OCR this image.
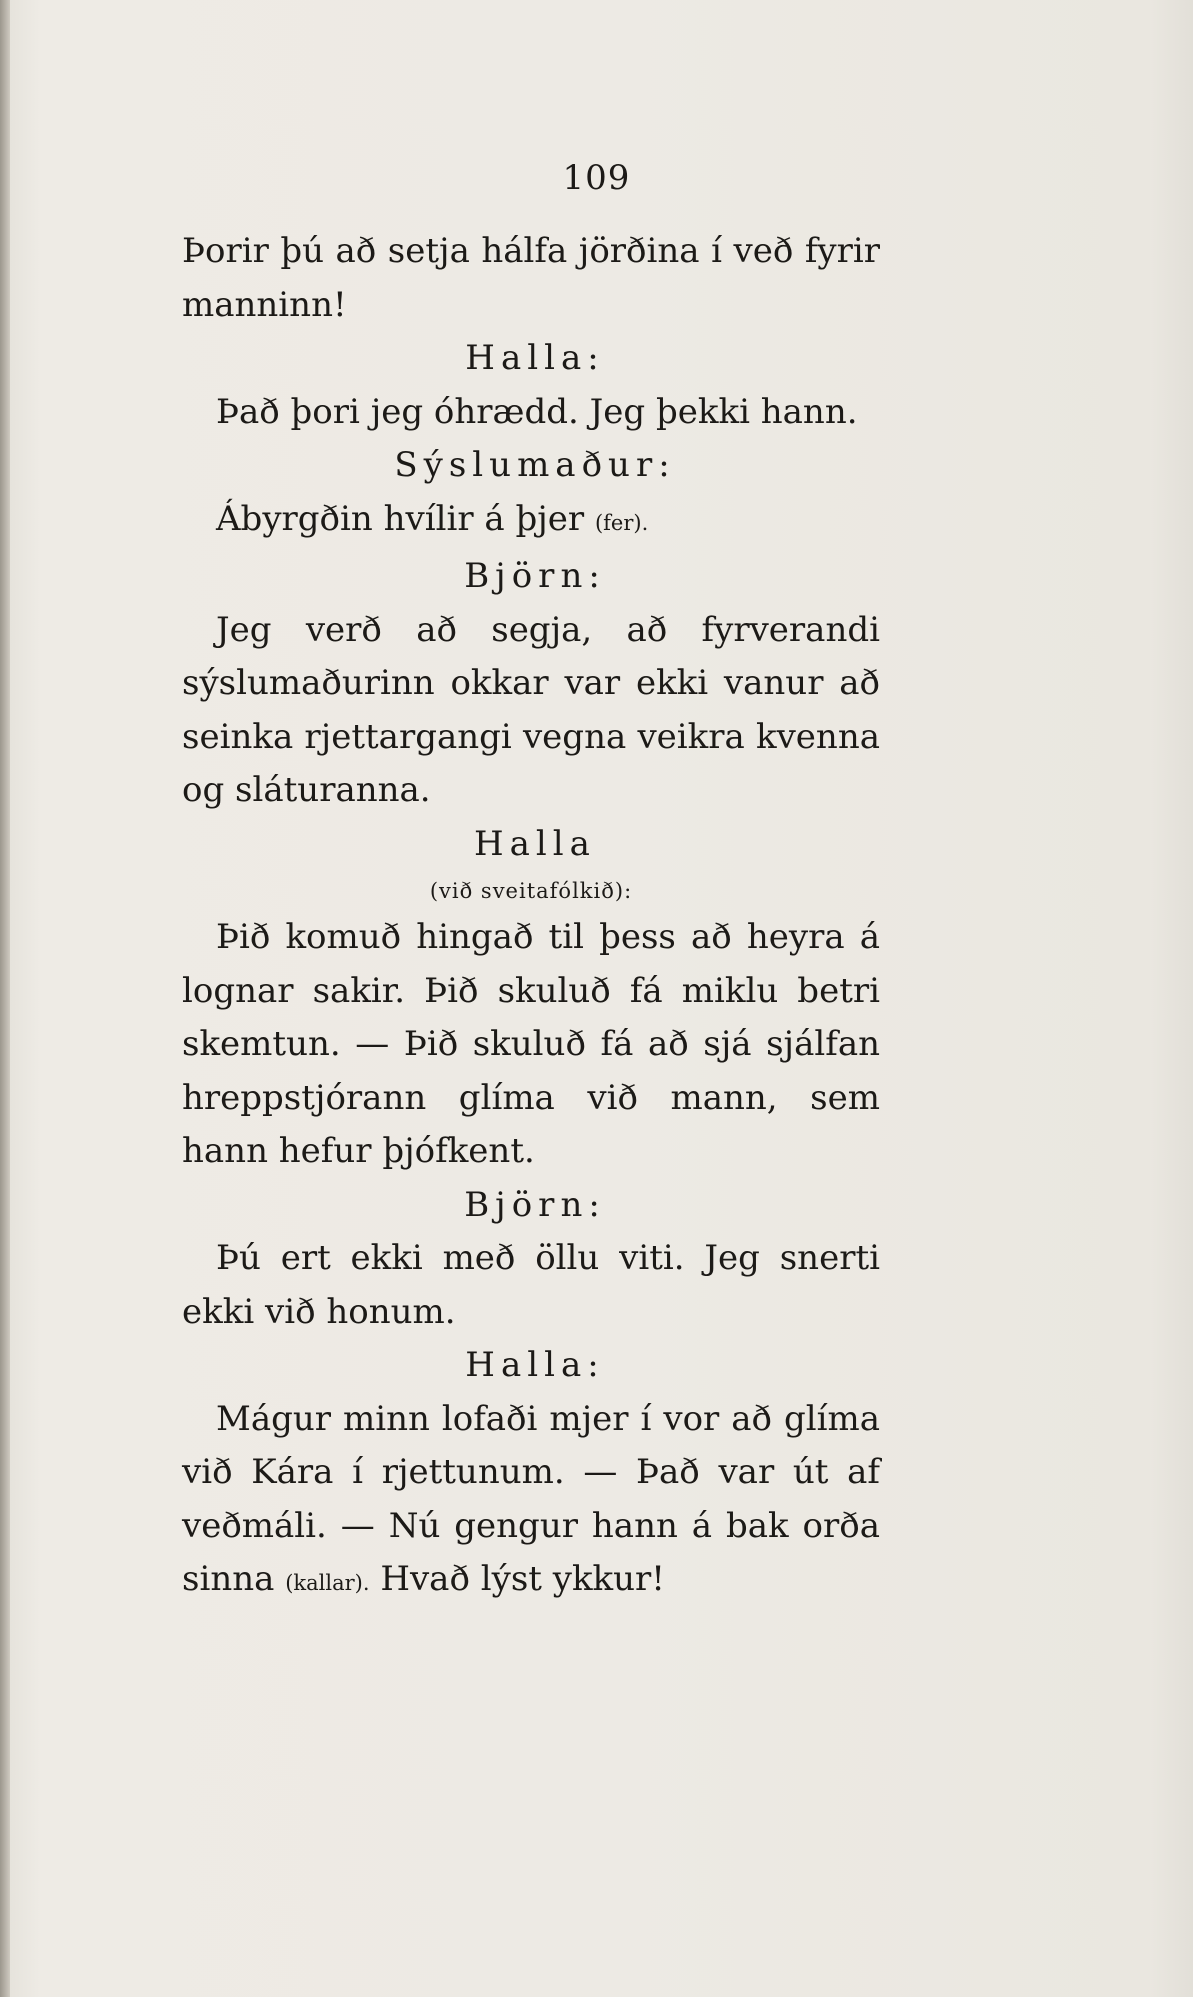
109

Þorir þú að setja hálfa jörðina í veð fyrir manninn!

Halla:

Það þori jeg óhrædd. Jeg þekki hann.

Sýslumaður:

Ábyrgðin hvílir á þjer (fer).

Björn:

Jeg verð að segja, að fyrverandi sýslumaðurinn okkar var ekki vanur að seinka rjettargangi vegna veikra kvenna og sláturanna.

Halla

(við sveitafólkið):

Þið komuð hingað til þess að heyra á lognar sakir. Þið skuluð fá miklu betri skemtun. — Þið skuluð fá að sjá sjálfan hreppstjórann glíma við mann, sem hann hefur þjófkent.

Björn:

Þú ert ekki með öllu viti. Jeg snerti ekki við honum.

Halla:

Mágur minn lofaði mjer í vor að glíma við Kára í rjettunum. — Það var út af veðmáli. — Nú gengur hann á bak orða sinna (kallar). Hvað lýst ykkur!
